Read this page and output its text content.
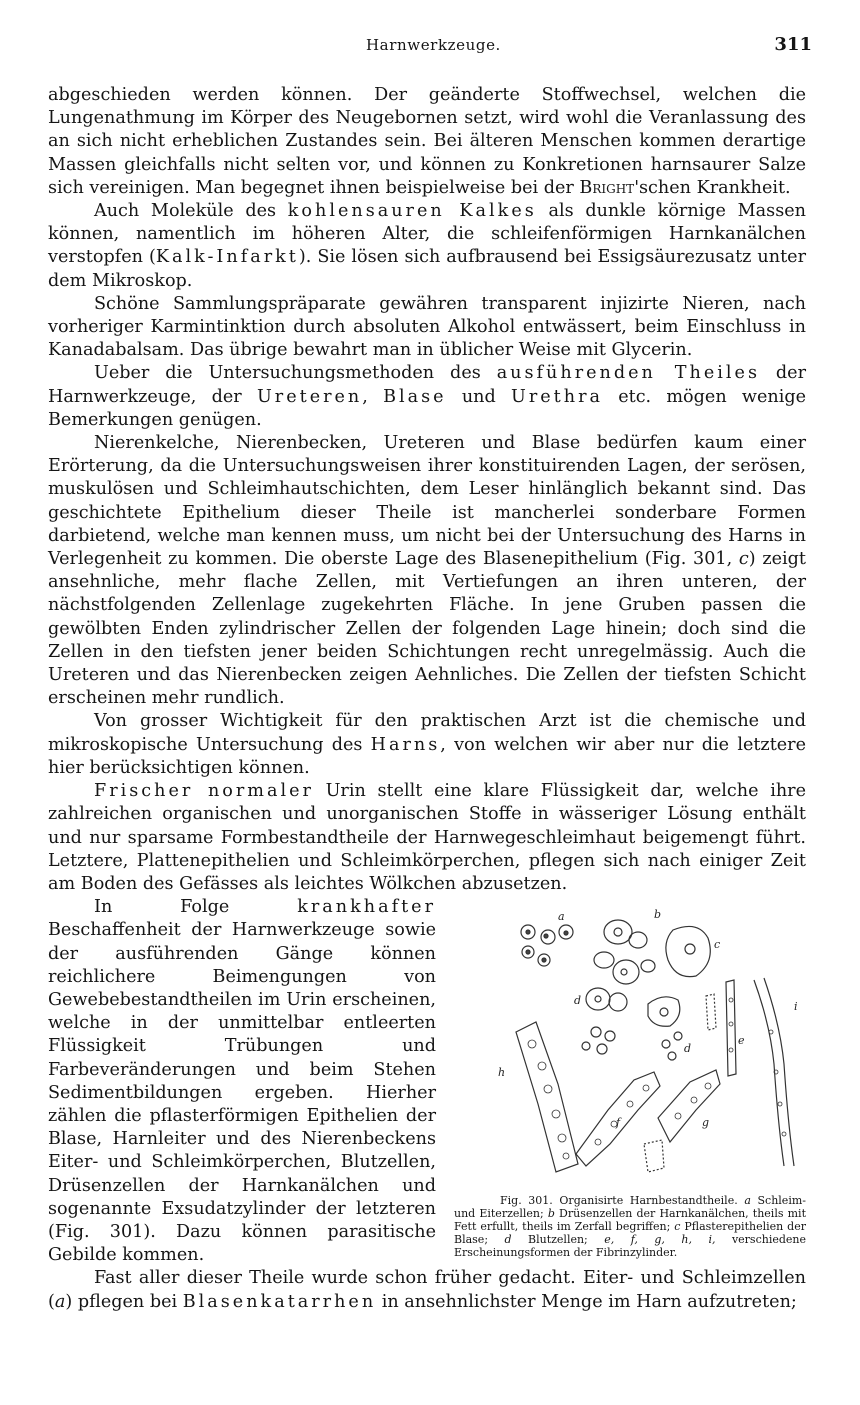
Harnwerkzeuge.	311

abgeschieden werden können. Der geänderte Stoffwechsel, welchen die Lungenathmung im Körper des Neugebornen setzt, wird wohl die Veranlassung des an sich nicht erheblichen Zustandes sein. Bei älteren Menschen kommen derartige Massen gleichfalls nicht selten vor, und können zu Konkretionen harnsaurer Salze sich vereinigen. Man begegnet ihnen beispielweise bei der Bright'schen Krankheit.

Auch Moleküle des kohlensauren Kalkes als dunkle körnige Massen können, namentlich im höheren Alter, die schleifenförmigen Harnkanälchen verstopfen (Kalk-Infarkt). Sie lösen sich aufbrausend bei Essigsäurezusatz unter dem Mikroskop.

Schöne Sammlungspräparate gewähren transparent injizirte Nieren, nach vorheriger Karmintinktion durch absoluten Alkohol entwässert, beim Einschluss in Kanadabalsam. Das übrige bewahrt man in üblicher Weise mit Glycerin.

Ueber die Untersuchungsmethoden des ausführenden Theiles der Harnwerkzeuge, der Ureteren, Blase und Urethra etc. mögen wenige Bemerkungen genügen.

Nierenkelche, Nierenbecken, Ureteren und Blase bedürfen kaum einer Erörterung, da die Untersuchungsweisen ihrer konstituirenden Lagen, der serösen, muskulösen und Schleimhautschichten, dem Leser hinlänglich bekannt sind. Das geschichtete Epithelium dieser Theile ist mancherlei sonderbare Formen darbietend, welche man kennen muss, um nicht bei der Untersuchung des Harns in Verlegenheit zu kommen. Die oberste Lage des Blasenepithelium (Fig. 301, c) zeigt ansehnliche, mehr flache Zellen, mit Vertiefungen an ihren unteren, der nächstfolgenden Zellenlage zugekehrten Fläche. In jene Gruben passen die gewölbten Enden zylindrischer Zellen der folgenden Lage hinein; doch sind die Zellen in den tiefsten jener beiden Schichtungen recht unregelmässig. Auch die Ureteren und das Nierenbecken zeigen Aehnliches. Die Zellen der tiefsten Schicht erscheinen mehr rundlich.

Von grosser Wichtigkeit für den praktischen Arzt ist die chemische und mikroskopische Untersuchung des Harns, von welchen wir aber nur die letztere hier berücksichtigen können.

Frischer normaler Urin stellt eine klare Flüssigkeit dar, welche ihre zahlreichen organischen und unorganischen Stoffe in wässeriger Lösung enthält und nur sparsame Formbestandtheile der Harnwegeschleimhaut beigemengt führt. Letztere, Plattenepithelien und Schleimkörperchen, pflegen sich nach einiger Zeit am Boden des Gefässes als leichtes Wölkchen abzusetzen.

a	b
c
d
d
e
f	g
h
i

Fig. 301. Organisirte Harnbestandtheile. a Schleim- und Eiterzellen; b Drüsenzellen der Harnkanälchen, theils mit Fett erfullt, theils im Zerfall begriffen; c Pflasterepithelien der Blase; d Blutzellen; e, f, g, h, i, verschiedene Erscheinungsformen der Fibrinzylinder.

In Folge krankhafter Beschaffenheit der Harnwerkzeuge sowie der ausführenden Gänge können reichlichere Beimengungen von Gewebebestandtheilen im Urin erscheinen, welche in der unmittelbar entleerten Flüssigkeit Trübungen und Farbeveränderungen und beim Stehen Sedimentbildungen ergeben. Hierher zählen die pflasterförmigen Epithelien der Blase, Harnleiter und des Nierenbeckens Eiter- und Schleimkörperchen, Blutzellen, Drüsenzellen der Harnkanälchen und sogenannte Exsudatzylinder der letzteren (Fig. 301). Dazu können parasitische Gebilde kommen.

Fast aller dieser Theile wurde schon früher gedacht. Eiter- und Schleimzellen (a) pflegen bei Blasenkatarrhen in ansehnlichster Menge im Harn aufzutreten;
